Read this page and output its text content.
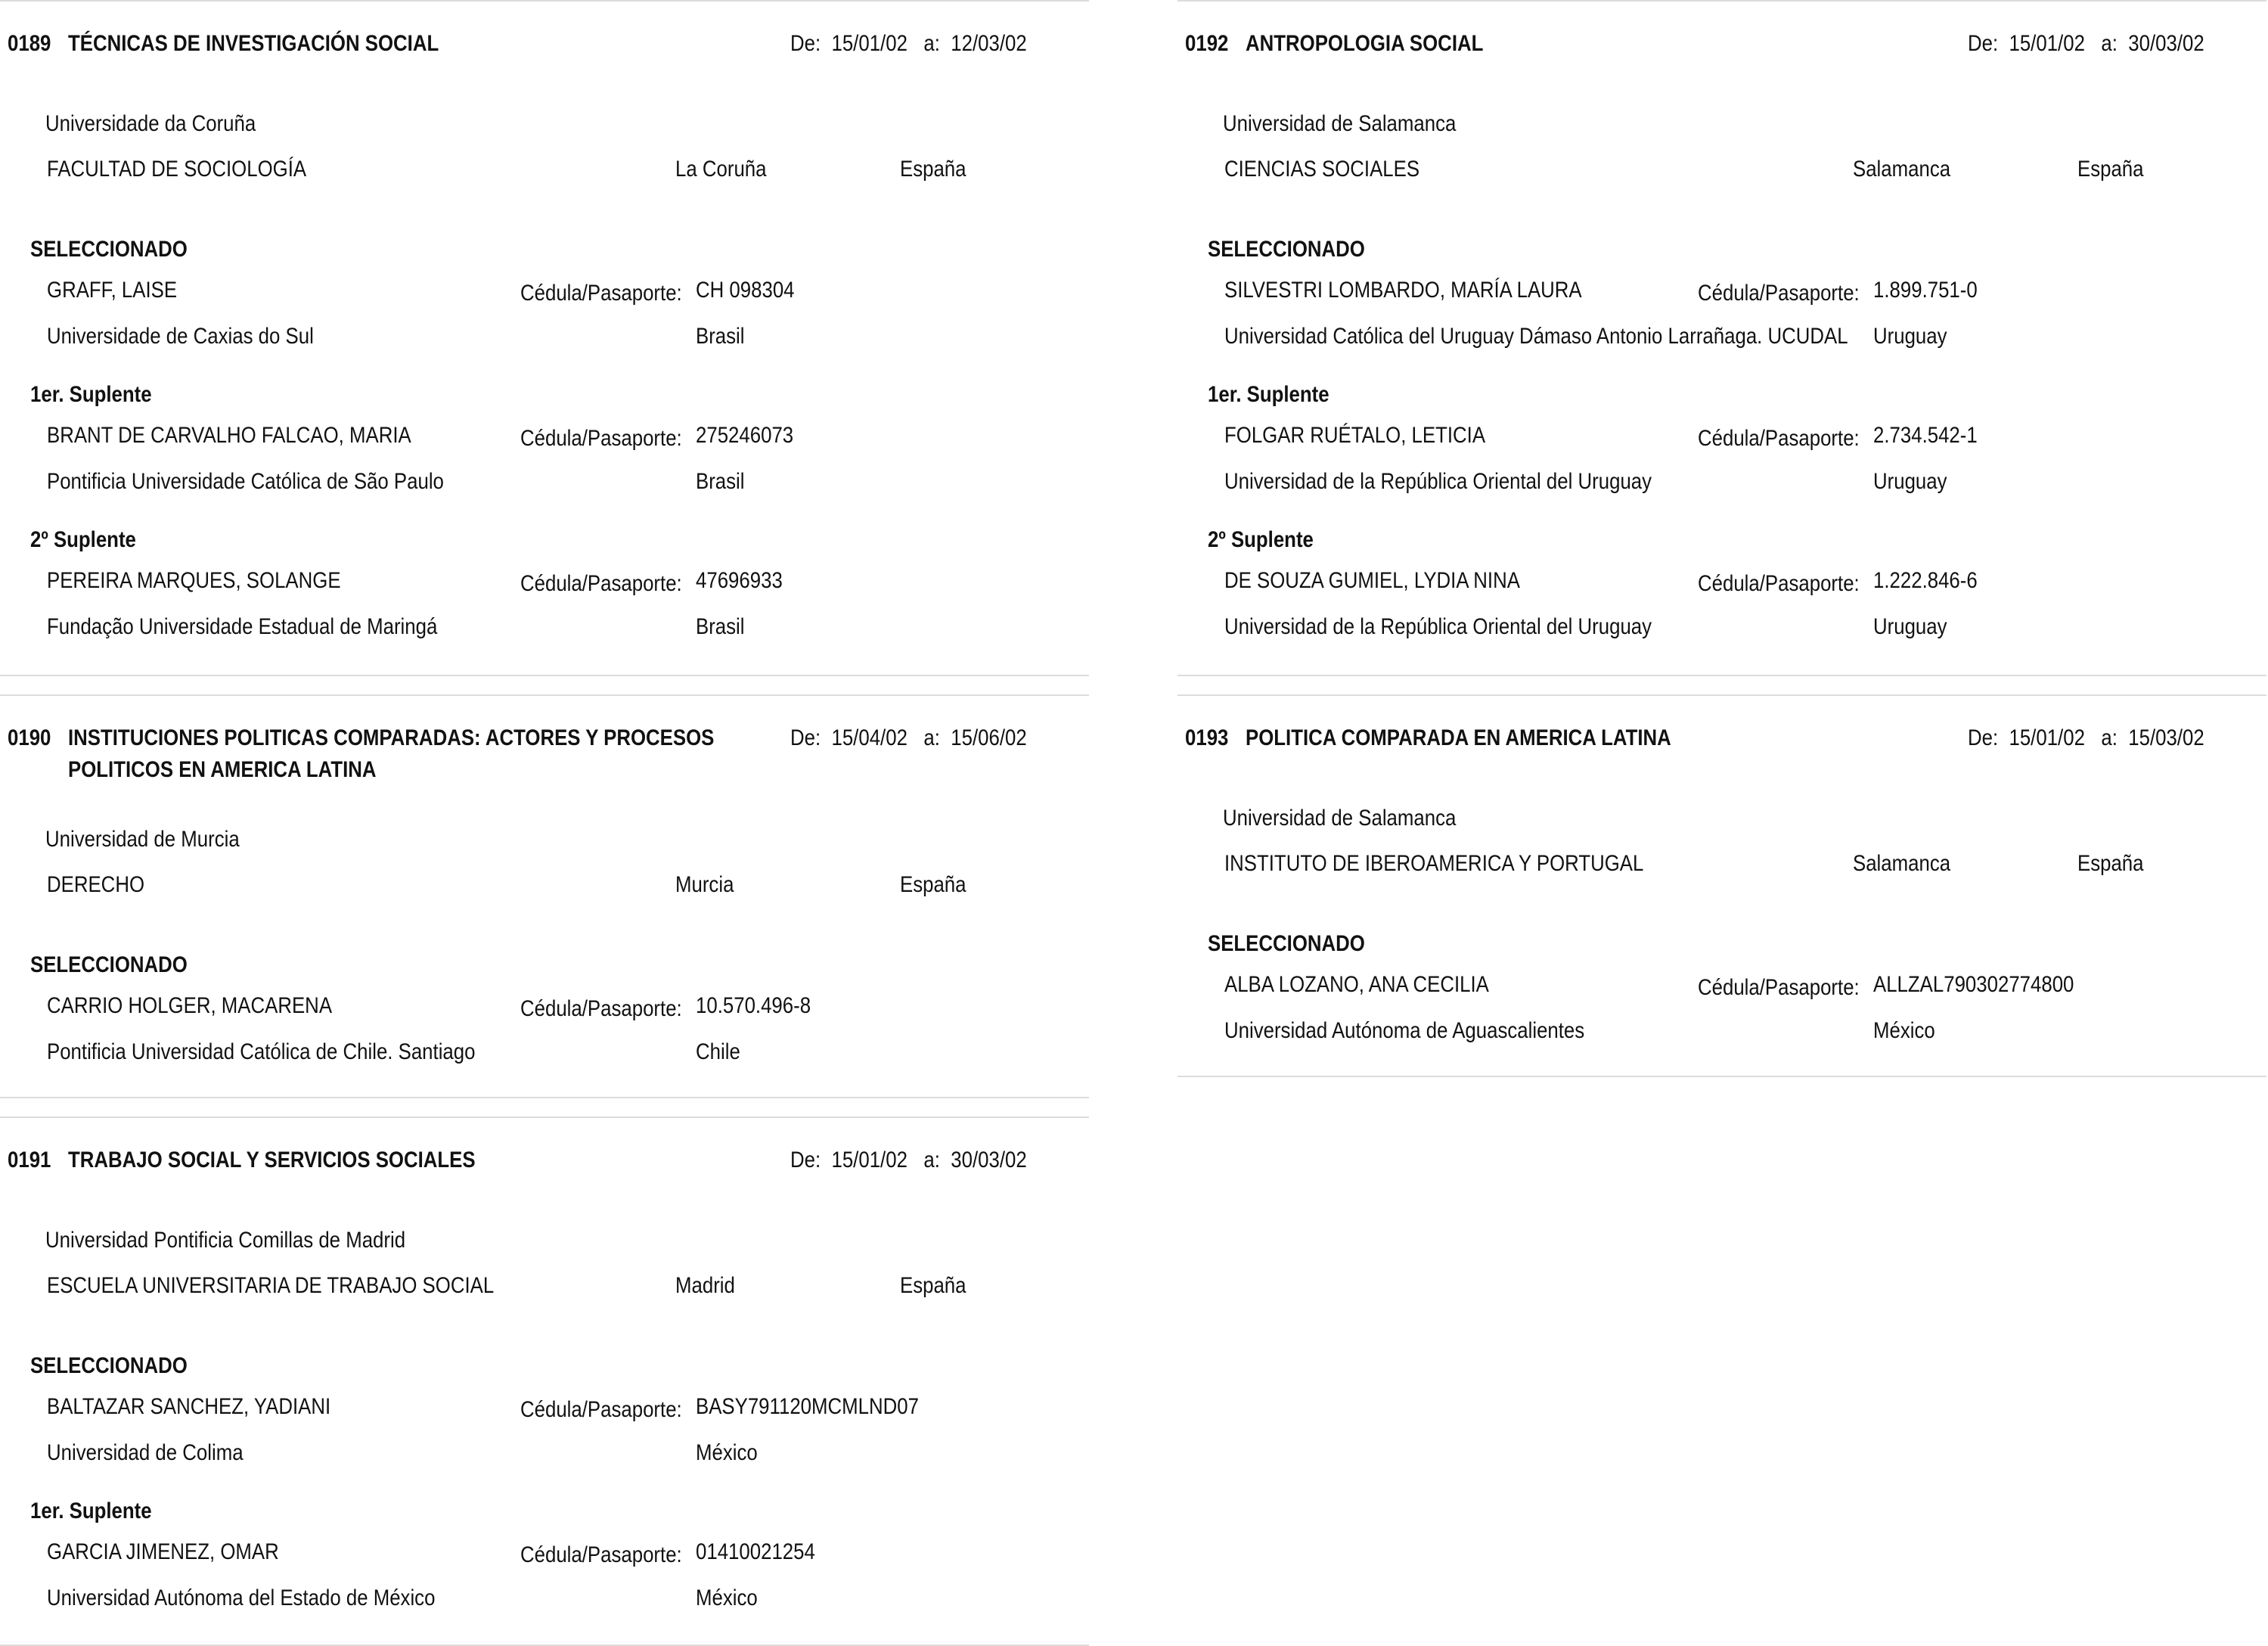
0189 TÉCNICAS DE INVESTIGACIÓN SOCIAL	De: 15/01/02 a: 12/03/02
Universidade da Coruña
FACULTAD DE SOCIOLOGÍA	La Coruña	España
SELECCIONADO
GRAFF, LAISE	Cédula/Pasaporte: CH 098304
Universidade de Caxias do Sul	Brasil
1er. Suplente
BRANT DE CARVALHO FALCAO, MARIA	Cédula/Pasaporte: 275246073
Pontificia Universidade Católica de São Paulo	Brasil
2º Suplente
PEREIRA MARQUES, SOLANGE	Cédula/Pasaporte: 47696933
Fundação Universidade Estadual de Maringá	Brasil
0190 INSTITUCIONES POLITICAS COMPARADAS: ACTORES Y PROCESOS
POLITICOS EN AMERICA LATINA
De: 15/04/02 a: 15/06/02
Universidad de Murcia
DERECHO	Murcia	España
SELECCIONADO
CARRIO HOLGER, MACARENA	Cédula/Pasaporte: 10.570.496-8
Pontificia Universidad Católica de Chile. Santiago	Chile
0191 TRABAJO SOCIAL Y SERVICIOS SOCIALES	De: 15/01/02 a: 30/03/02
Universidad Pontificia Comillas de Madrid
ESCUELA UNIVERSITARIA DE TRABAJO SOCIAL	Madrid	España
SELECCIONADO
BALTAZAR SANCHEZ, YADIANI	Cédula/Pasaporte: BASY791120MCMLND07
Universidad de Colima	México
1er. Suplente
GARCIA JIMENEZ, OMAR	Cédula/Pasaporte: 01410021254
Universidad Autónoma del Estado de México	México
0192 ANTROPOLOGIA SOCIAL	De: 15/01/02 a: 30/03/02
Universidad de Salamanca
CIENCIAS SOCIALES	Salamanca	España
SELECCIONADO
SILVESTRI LOMBARDO, MARÍA LAURA	Cédula/Pasaporte: 1.899.751-0
Universidad Católica del Uruguay Dámaso Antonio Larrañaga. UCUDAL Uruguay
1er. Suplente
FOLGAR RUÉTALO, LETICIA	Cédula/Pasaporte: 2.734.542-1
Universidad de la República Oriental del Uruguay	Uruguay
2º Suplente
DE SOUZA GUMIEL, LYDIA NINA	Cédula/Pasaporte: 1.222.846-6
Universidad de la República Oriental del Uruguay	Uruguay
0193 POLITICA COMPARADA EN AMERICA LATINA	De: 15/01/02 a: 15/03/02
Universidad de Salamanca
INSTITUTO DE IBEROAMERICA Y PORTUGAL	Salamanca	España
SELECCIONADO
ALBA LOZANO, ANA CECILIA	Cédula/Pasaporte: ALLZAL790302774800
Universidad Autónoma de Aguascalientes	México
